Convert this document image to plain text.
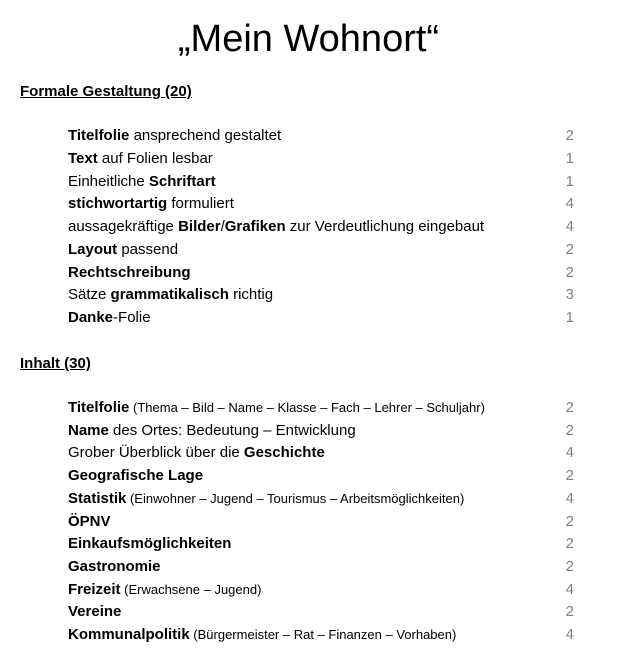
„Mein Wohnort“
Formale Gestaltung (20)
Titelfolie ansprechend gestaltet	2
Text auf Folien lesbar	1
Einheitliche Schriftart	1
stichwortartig formuliert	4
aussagekräftige Bilder/Grafiken zur Verdeutlichung eingebaut	4
Layout passend	2
Rechtschreibung	2
Sätze grammatikalisch richtig	3
Danke-Folie	1
Inhalt (30)
Titelfolie (Thema – Bild – Name – Klasse – Fach – Lehrer – Schuljahr)	2
Name des Ortes: Bedeutung – Entwicklung	2
Grober Überblick über die Geschichte	4
Geografische Lage	2
Statistik (Einwohner – Jugend – Tourismus – Arbeitsmöglichkeiten)	4
ÖPNV	2
Einkaufsmöglichkeiten	2
Gastronomie	2
Freizeit (Erwachsene – Jugend)	4
Vereine	2
Kommunalpolitik (Bürgermeister – Rat – Finanzen – Vorhaben)	4
